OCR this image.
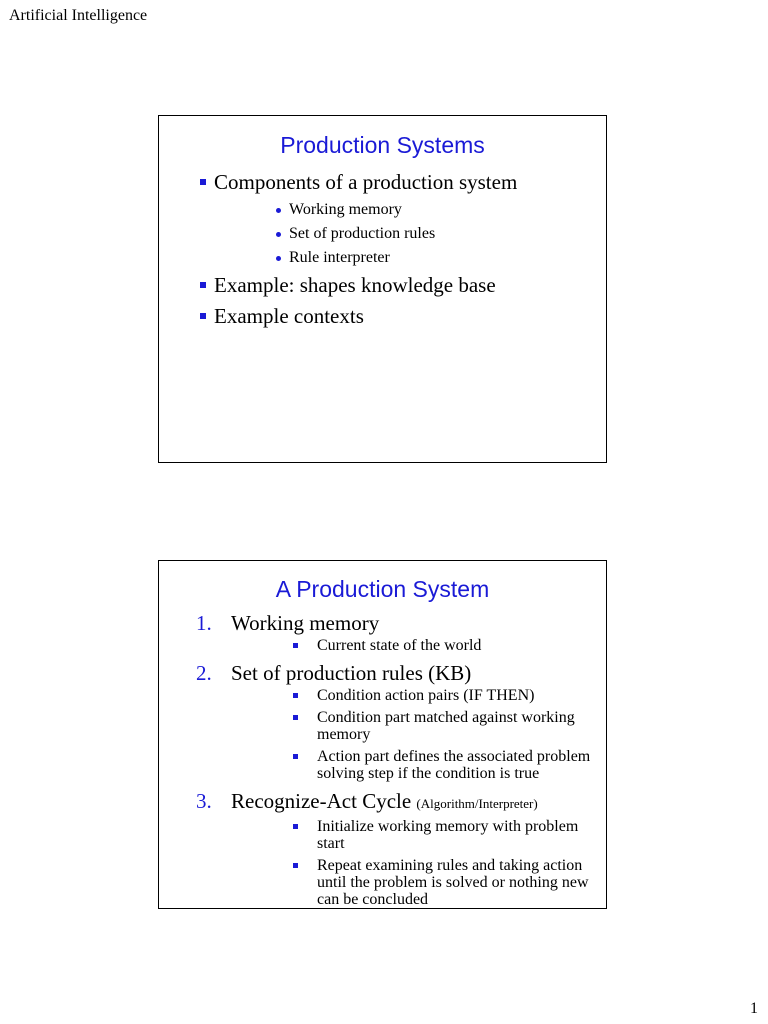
Artificial Intelligence
Production Systems
Components of a production system
Working memory
Set of production rules
Rule interpreter
Example: shapes knowledge base
Example contexts
A Production System
1. Working memory
Current state of the world
2. Set of production rules (KB)
Condition action pairs (IF THEN)
Condition part matched against working memory
Action part defines the associated problem solving step if the condition is true
3. Recognize-Act Cycle (Algorithm/Interpreter)
Initialize working memory with problem start
Repeat examining rules and taking action until the problem is solved or nothing new can be concluded
1
